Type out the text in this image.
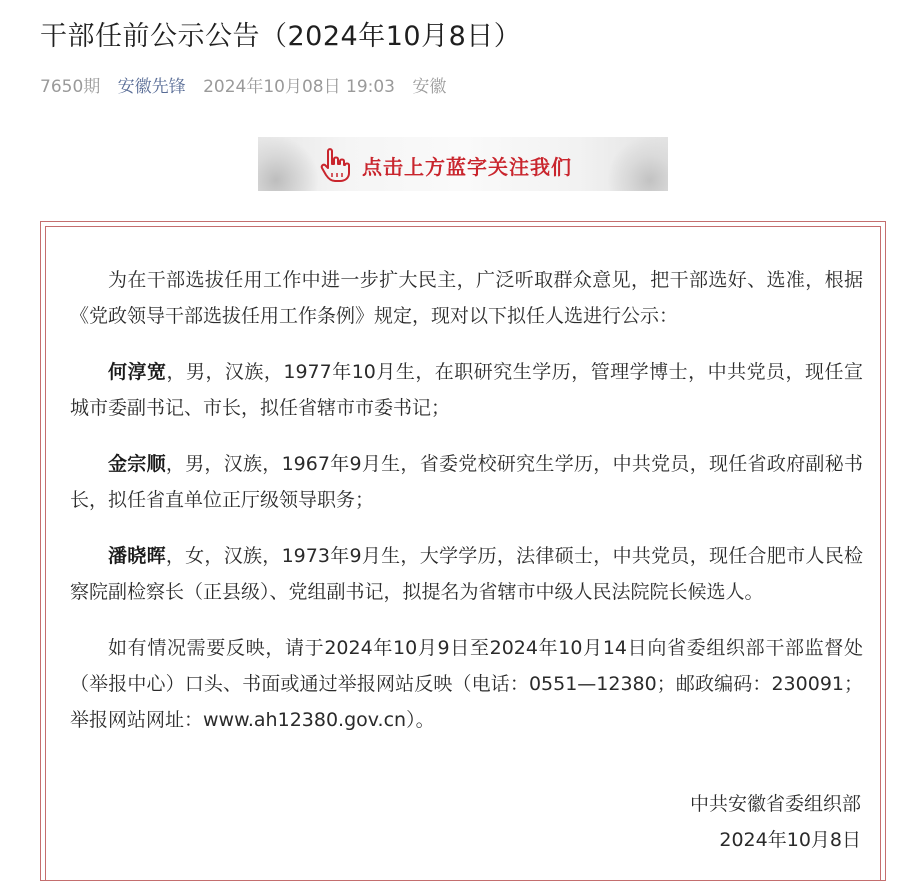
干部任前公示公告（2024年10月8日）
7650期 安徽先锋 2024年10月08日 19:03 安徽
点击上方蓝字关注我们

为在干部选拔任用工作中进一步扩大民主，广泛听取群众意见，把干部选好、选准，根据《党政领导干部选拔任用工作条例》规定，现对以下拟任人选进行公示：

何淳宽，男，汉族，1977年10月生，在职研究生学历，管理学博士，中共党员，现任宣城市委副书记、市长，拟任省辖市市委书记；

金宗顺，男，汉族，1967年9月生，省委党校研究生学历，中共党员，现任省政府副秘书长，拟任省直单位正厅级领导职务；

潘晓晖，女，汉族，1973年9月生，大学学历，法律硕士，中共党员，现任合肥市人民检察院副检察长（正县级）、党组副书记，拟提名为省辖市中级人民法院院长候选人。

如有情况需要反映，请于2024年10月9日至2024年10月14日向省委组织部干部监督处（举报中心）口头、书面或通过举报网站反映（电话：0551—12380；邮政编码：230091；举报网站网址：www.ah12380.gov.cn）。

中共安徽省委组织部
2024年10月8日
